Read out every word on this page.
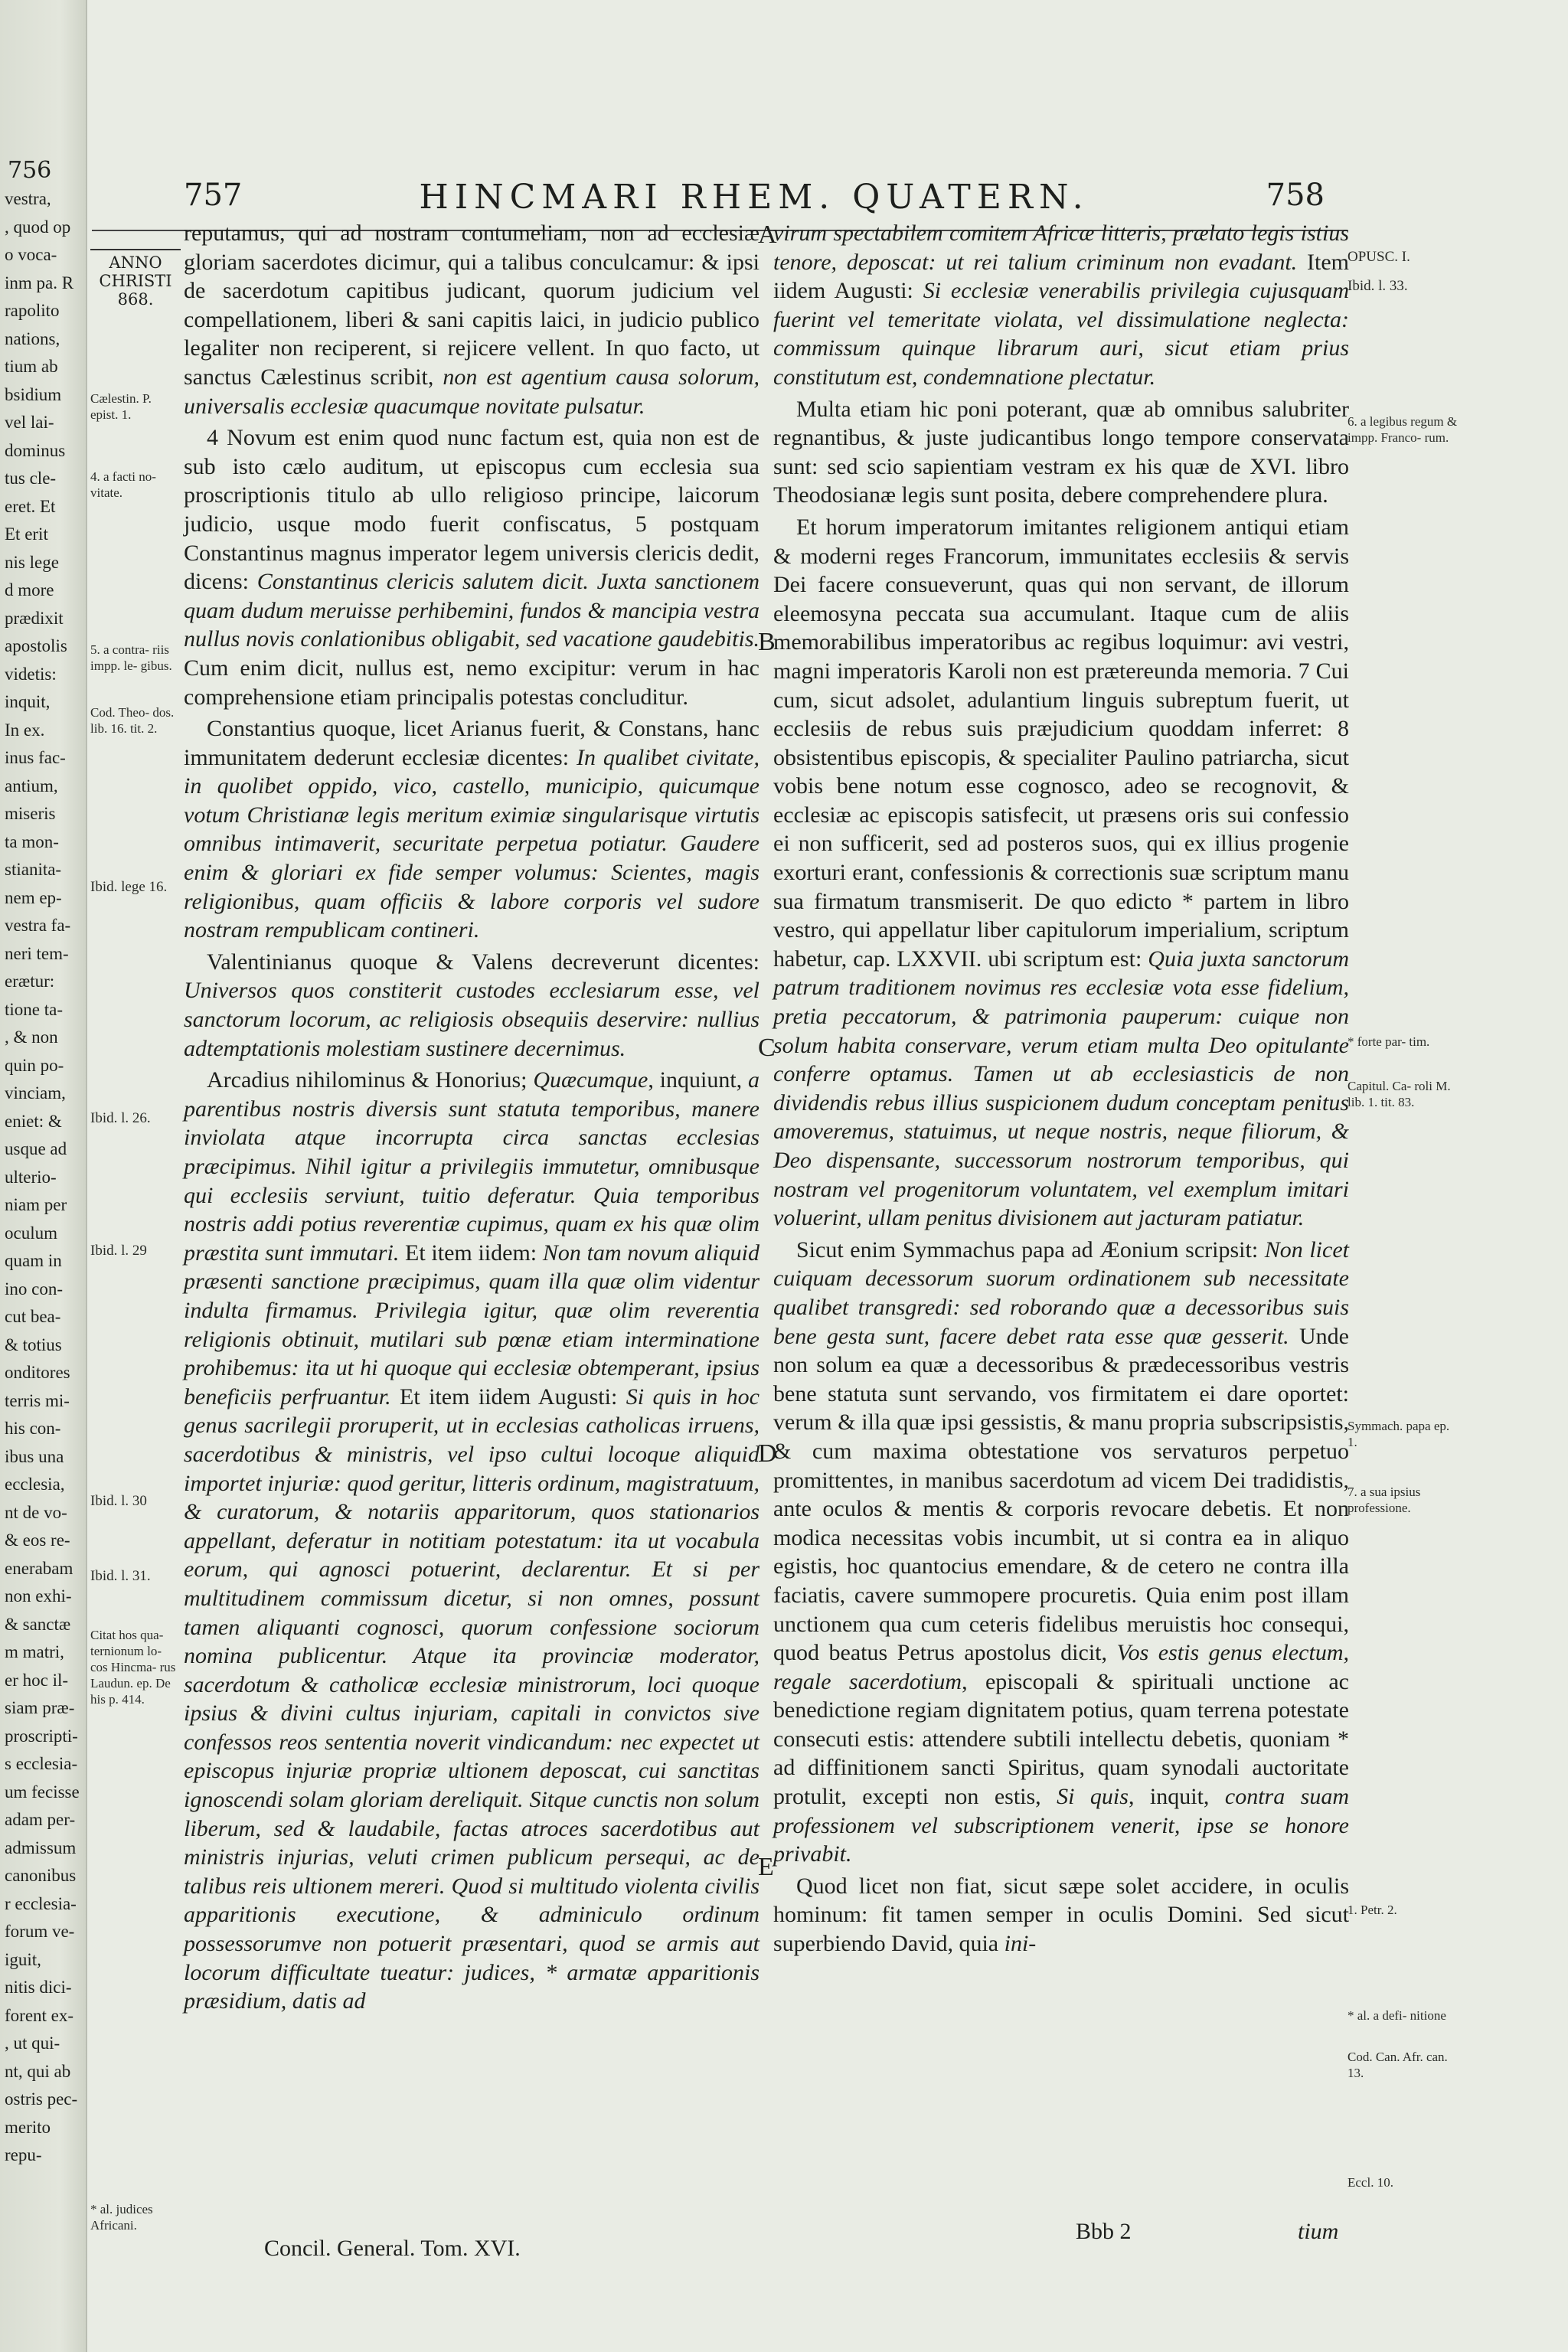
756
vestra,
, quod op
o voca-
inm pa. R
rapolito
nations,
tium ab
bsidium
vel lai-
dominus
tus cle-
eret. Et
Et erit
nis lege
d more
prædixit
apostolis
videtis:
inquit,
In ex.
inus fac-
antium,
miseris
ta mon-
stianita-
nem ep-
vestra fa-
neri tem-
erætur:
tione ta-
, & non
quin po-
vinciam,
eniet: &
usque ad
ulterio-
niam per
oculum
quam in
ino con-
cut bea-
& totius
onditores
terris mi-
his con-
ibus una
ecclesia,
nt de vo-
& eos re-
enerabam
non exhi-
& sanctæ
m matri,
er hoc il-
siam præ-
proscripti-
s ecclesia-
um fecisse
adam per-
admissum
canonibus
r ecclesia-
forum ve-
iguit,
nitis dici-
forent ex-
, ut qui-
nt, qui ab
ostris pec-
merito
repu-
757	HINCMARI RHEM. QUATERN.	758
ANNO
CHRISTI
868.
Cælestin. P. epist. 1.
4. a facti no- vitate.
5. a contra- riis impp. le- gibus.
Cod. Theo- dos. lib. 16. tit. 2.
Ibid. lege 16.
Ibid. l. 26.
Ibid. l. 29
Ibid. l. 30
Ibid. l. 31.
Citat hos qua- ternionum lo- cos Hincma- rus Laudun. ep. De his p. 414.
* al. judices Africani.
OPUSC. I.
Ibid. l. 33.
6. a legibus regum & impp. Franco- rum.
* forte par- tim.
Capitul. Ca- roli M. lib. 1. tit. 83.
Symmach. papa ep. 1.
7. a sua ipsius professione.
1. Petr. 2.
* al. a defi- nitione
Cod. Can. Afr. can. 13.
Eccl. 10.
A
B
C
D
E

reputamus, qui ad nostram contumeliam, non ad ecclesiæ gloriam sacerdotes dicimur, qui a talibus conculcamur: & ipsi de sacerdotum capitibus judicant, quorum judicium vel compellationem, liberi & sani capitis laici, in judicio publico legaliter non reciperent, si rejicere vellent. In quo facto, ut sanctus Cælestinus scribit, non est agentium causa solorum, universalis ecclesiæ quacumque novitate pulsatur.

4 Novum est enim quod nunc factum est, quia non est de sub isto cælo auditum, ut episcopus cum ecclesia sua proscriptionis titulo ab ullo religioso principe, laicorum judicio, usque modo fuerit confiscatus, 5 postquam Constantinus magnus imperator legem universis clericis dedit, dicens: Constantinus clericis salutem dicit. Juxta sanctionem quam dudum meruisse perhibemini, fundos & mancipia vestra nullus novis conlationibus obligabit, sed vacatione gaudebitis. Cum enim dicit, nullus est, nemo excipitur: verum in hac comprehensione etiam principalis potestas concluditur.

Constantius quoque, licet Arianus fuerit, & Constans, hanc immunitatem dederunt ecclesiæ dicentes: In qualibet civitate, in quolibet oppido, vico, castello, municipio, quicumque votum Christianæ legis meritum eximiæ singularisque virtutis omnibus intimaverit, securitate perpetua potiatur. Gaudere enim & gloriari ex fide semper volumus: Scientes, magis religionibus, quam officiis & labore corporis vel sudore nostram rempublicam contineri.

Valentinianus quoque & Valens decreverunt dicentes: Universos quos constiterit custodes ecclesiarum esse, vel sanctorum locorum, ac religiosis obsequiis deservire: nullius adtemptationis molestiam sustinere decernimus.

Arcadius nihilominus & Honorius; Quæcumque, inquiunt, a parentibus nostris diversis sunt statuta temporibus, manere inviolata atque incorrupta circa sanctas ecclesias præcipimus. Nihil igitur a privilegiis immutetur, omnibusque qui ecclesiis serviunt, tuitio deferatur. Quia temporibus nostris addi potius reverentiæ cupimus, quam ex his quæ olim præstita sunt immutari. Et item iidem: Non tam novum aliquid præsenti sanctione præcipimus, quam illa quæ olim videntur indulta firmamus. Privilegia igitur, quæ olim reverentia religionis obtinuit, mutilari sub pœnæ etiam interminatione prohibemus: ita ut hi quoque qui ecclesiæ obtemperant, ipsius beneficiis perfruantur. Et item iidem Augusti: Si quis in hoc genus sacrilegii proruperit, ut in ecclesias catholicas irruens, sacerdotibus & ministris, vel ipso cultui locoque aliquid importet injuriæ: quod geritur, litteris ordinum, magistratuum, & curatorum, & notariis apparitorum, quos stationarios appellant, deferatur in notitiam potestatum: ita ut vocabula eorum, qui agnosci potuerint, declarentur. Et si per multitudinem commissum dicetur, si non omnes, possunt tamen aliquanti cognosci, quorum confessione sociorum nomina publicentur. Atque ita provinciæ moderator, sacerdotum & catholicæ ecclesiæ ministrorum, loci quoque ipsius & divini cultus injuriam, capitali in convictos sive confessos reos sententia noverit vindicandum: nec expectet ut episcopus injuriæ propriæ ultionem deposcat, cui sanctitas ignoscendi solam gloriam dereliquit. Sitque cunctis non solum liberum, sed & laudabile, factas atroces sacerdotibus aut ministris injurias, veluti crimen publicum persequi, ac de talibus reis ultionem mereri. Quod si multitudo violenta civilis apparitionis executione, & adminiculo ordinum possessorumve non potuerit præsentari, quod se armis aut locorum difficultate tueatur: judices, * armatæ apparitionis præsidium, datis ad

virum spectabilem comitem Africæ litteris, prælato legis istius tenore, deposcat: ut rei talium criminum non evadant. Item iidem Augusti: Si ecclesiæ venerabilis privilegia cujusquam fuerint vel temeritate violata, vel dissimulatione neglecta: commissum quinque librarum auri, sicut etiam prius constitutum est, condemnatione plectatur.

Multa etiam hic poni poterant, quæ ab omnibus salubriter regnantibus, & juste judicantibus longo tempore conservata sunt: sed scio sapientiam vestram ex his quæ de XVI. libro Theodosianæ legis sunt posita, debere comprehendere plura.

Et horum imperatorum imitantes religionem antiqui etiam & moderni reges Francorum, immunitates ecclesiis & servis Dei facere consueverunt, quas qui non servant, de illorum eleemosyna peccata sua accumulant. Itaque cum de aliis memorabilibus imperatoribus ac regibus loquimur: avi vestri, magni imperatoris Karoli non est prætereunda memoria. 7 Cui cum, sicut adsolet, adulantium linguis subreptum fuerit, ut ecclesiis de rebus suis præjudicium quoddam inferret: 8 obsistentibus episcopis, & specialiter Paulino patriarcha, sicut vobis bene notum esse cognosco, adeo se recognovit, & ecclesiæ ac episcopis satisfecit, ut præsens oris sui confessio ei non sufficerit, sed ad posteros suos, qui ex illius progenie exorturi erant, confessionis & correctionis suæ scriptum manu sua firmatum transmiserit. De quo edicto * partem in libro vestro, qui appellatur liber capitulorum imperialium, scriptum habetur, cap. LXXVII. ubi scriptum est: Quia juxta sanctorum patrum traditionem novimus res ecclesiæ vota esse fidelium, pretia peccatorum, & patrimonia pauperum: cuique non solum habita conservare, verum etiam multa Deo opitulante conferre optamus. Tamen ut ab ecclesiasticis de non dividendis rebus illius suspicionem dudum conceptam penitus amoveremus, statuimus, ut neque nostris, neque filiorum, & Deo dispensante, successorum nostrorum temporibus, qui nostram vel progenitorum voluntatem, vel exemplum imitari voluerint, ullam penitus divisionem aut jacturam patiatur.

Sicut enim Symmachus papa ad Æonium scripsit: Non licet cuiquam decessorum suorum ordinationem sub necessitate qualibet transgredi: sed roborando quæ a decessoribus suis bene gesta sunt, facere debet rata esse quæ gesserit. Unde non solum ea quæ a decessoribus & prædecessoribus vestris bene statuta sunt servando, vos firmitatem ei dare oportet: verum & illa quæ ipsi gessistis, & manu propria subscripsistis, & cum maxima obtestatione vos servaturos perpetuo promittentes, in manibus sacerdotum ad vicem Dei tradidistis, ante oculos & mentis & corporis revocare debetis. Et non modica necessitas vobis incumbit, ut si contra ea in aliquo egistis, hoc quantocius emendare, & de cetero ne contra illa faciatis, cavere summopere procuretis. Quia enim post illam unctionem qua cum ceteris fidelibus meruistis hoc consequi, quod beatus Petrus apostolus dicit, Vos estis genus electum, regale sacerdotium, episcopali & spirituali unctione ac benedictione regiam dignitatem potius, quam terrena potestate consecuti estis: attendere subtili intellectu debetis, quoniam * ad diffinitionem sancti Spiritus, quam synodali auctoritate protulit, excepti non estis, Si quis, inquit, contra suam professionem vel subscriptionem venerit, ipse se honore privabit.

Quod licet non fiat, sicut sæpe solet accidere, in oculis hominum: fit tamen semper in oculis Domini. Sed sicut superbiendo David, quia ini-

Concil. General. Tom. XVI.
Bbb 2	tium
